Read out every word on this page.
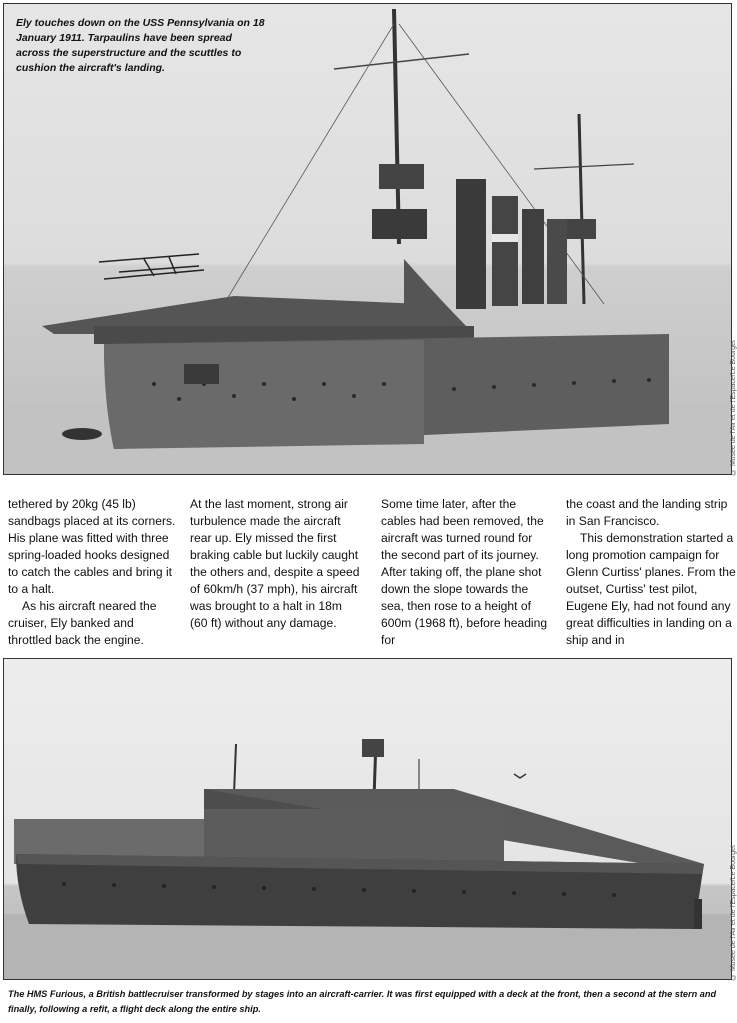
Ely touches down on the USS Pennsylvania on 18 January 1911. Tarpaulins have been spread across the superstructure and the scuttles to cushion the aircraft's landing.
© Musée de l'Air et de l'Espace/Le Bourget

tethered by 20kg (45 lb) sandbags placed at its corners. His plane was fitted with three spring-loaded hooks designed to catch the cables and bring it to a halt.

As his aircraft neared the cruiser, Ely banked and throttled back the engine.

At the last moment, strong air turbulence made the aircraft rear up. Ely missed the first braking cable but luckily caught the others and, despite a speed of 60km/h (37 mph), his aircraft was brought to a halt in 18m (60 ft) without any damage.

Some time later, after the cables had been removed, the aircraft was turned round for the second part of its journey. After taking off, the plane shot down the slope towards the sea, then rose to a height of 600m (1968 ft), before heading for

the coast and the landing strip in San Francisco.

This demonstration started a long promotion campaign for Glenn Curtiss' planes. From the outset, Curtiss' test pilot, Eugene Ely, had not found any great difficulties in landing on a ship and in

© Musée de l'Air et de l'Espace/Le Bourget
The HMS Furious, a British battlecruiser transformed by stages into an aircraft-carrier. It was first equipped with a deck at the front, then a second at the stern and finally, following a refit, a flight deck along the entire ship.
